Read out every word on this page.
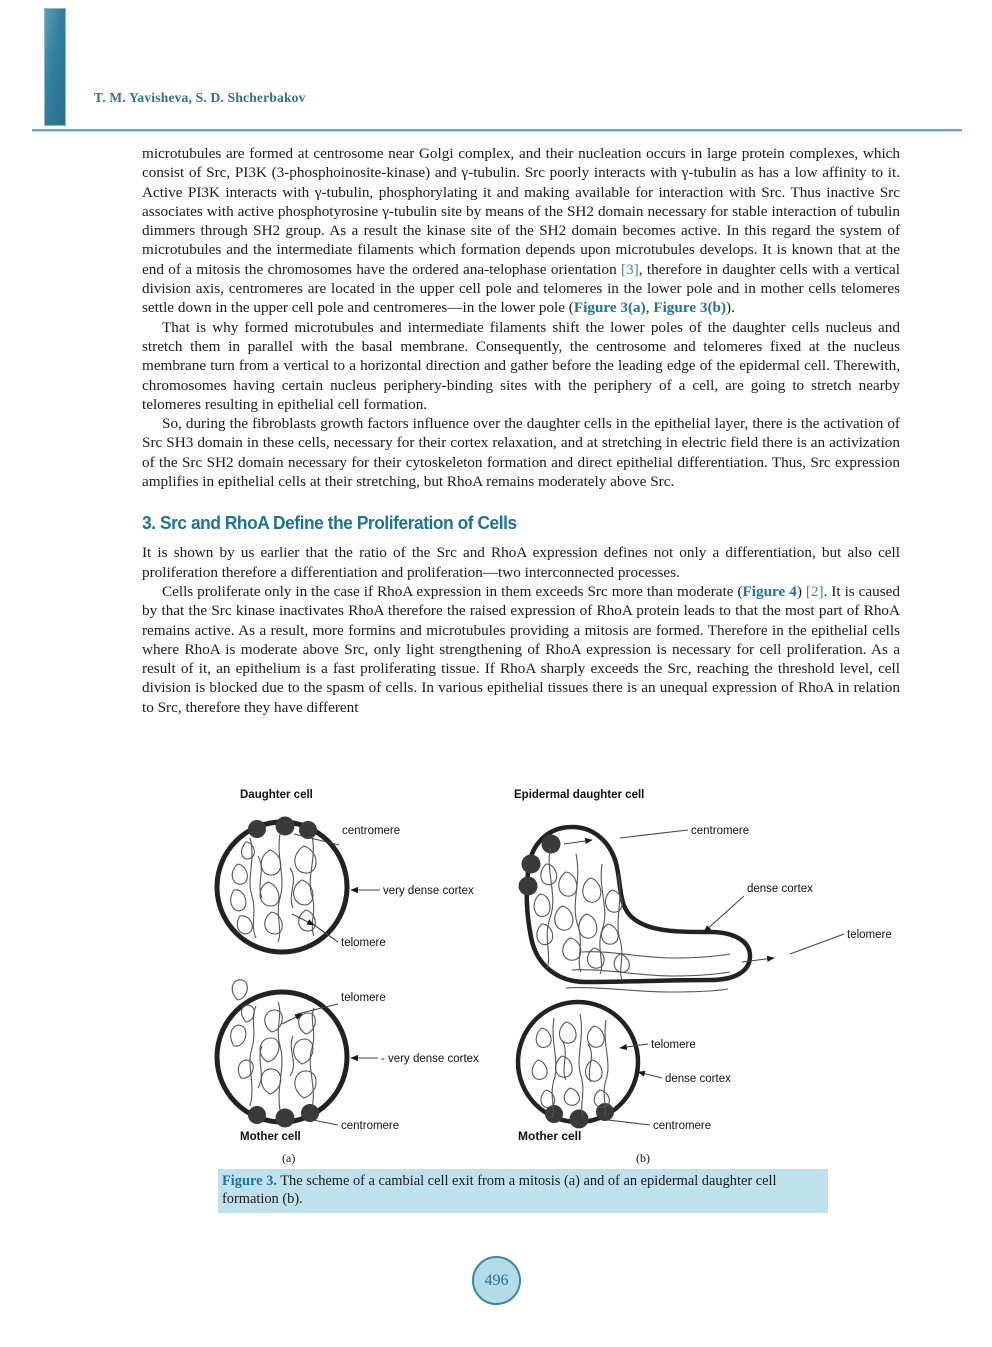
T. M. Yavisheva, S. D. Shcherbakov

microtubules are formed at centrosome near Golgi complex, and their nucleation occurs in large protein complexes, which consist of Src, PI3K (3-phosphoinosite-kinase) and γ-tubulin. Src poorly interacts with γ-tubulin as has a low affinity to it. Active PI3K interacts with γ-tubulin, phosphorylating it and making available for interaction with Src. Thus inactive Src associates with active phosphotyrosine γ-tubulin site by means of the SH2 domain necessary for stable interaction of tubulin dimmers through SH2 group. As a result the kinase site of the SH2 domain becomes active. In this regard the system of microtubules and the intermediate filaments which formation depends upon microtubules develops. It is known that at the end of a mitosis the chromosomes have the ordered ana-telophase orientation [3], therefore in daughter cells with a vertical division axis, centromeres are located in the upper cell pole and telomeres in the lower pole and in mother cells telomeres settle down in the upper cell pole and centromeres—in the lower pole (Figure 3(a), Figure 3(b)).

That is why formed microtubules and intermediate filaments shift the lower poles of the daughter cells nucleus and stretch them in parallel with the basal membrane. Consequently, the centrosome and telomeres fixed at the nucleus membrane turn from a vertical to a horizontal direction and gather before the leading edge of the epidermal cell. Therewith, chromosomes having certain nucleus periphery-binding sites with the periphery of a cell, are going to stretch nearby telomeres resulting in epithelial cell formation.

So, during the fibroblasts growth factors influence over the daughter cells in the epithelial layer, there is the activation of Src SH3 domain in these cells, necessary for their cortex relaxation, and at stretching in electric field there is an activization of the Src SH2 domain necessary for their cytoskeleton formation and direct epithelial differentiation. Thus, Src expression amplifies in epithelial cells at their stretching, but RhoA remains moderately above Src.

3. Src and RhoA Define the Proliferation of Cells

It is shown by us earlier that the ratio of the Src and RhoA expression defines not only a differentiation, but also cell proliferation therefore a differentiation and proliferation—two interconnected processes.

Cells proliferate only in the case if RhoA expression in them exceeds Src more than moderate (Figure 4) [2]. It is caused by that the Src kinase inactivates RhoA therefore the raised expression of RhoA protein leads to that the most part of RhoA remains active. As a result, more formins and microtubules providing a mitosis are formed. Therefore in the epithelial cells where RhoA is moderate above Src, only light strengthening of RhoA expression is necessary for cell proliferation. As a result of it, an epithelium is a fast proliferating tissue. If RhoA sharply exceeds the Src, reaching the threshold level, cell division is blocked due to the spasm of cells. In various epithelial tissues there is an unequal expression of RhoA in relation to Src, therefore they have different

Daughter cell
centromere
very dense cortex
telomere
telomere
- very dense cortex
centromere
Mother cell
(a)
Epidermal daughter cell
centromere
dense cortex
telomere
telomere
dense cortex
centromere
Mother cell
(b)
Figure 3. The scheme of a cambial cell exit from a mitosis (a) and of an epidermal daughter cell formation (b).
496
